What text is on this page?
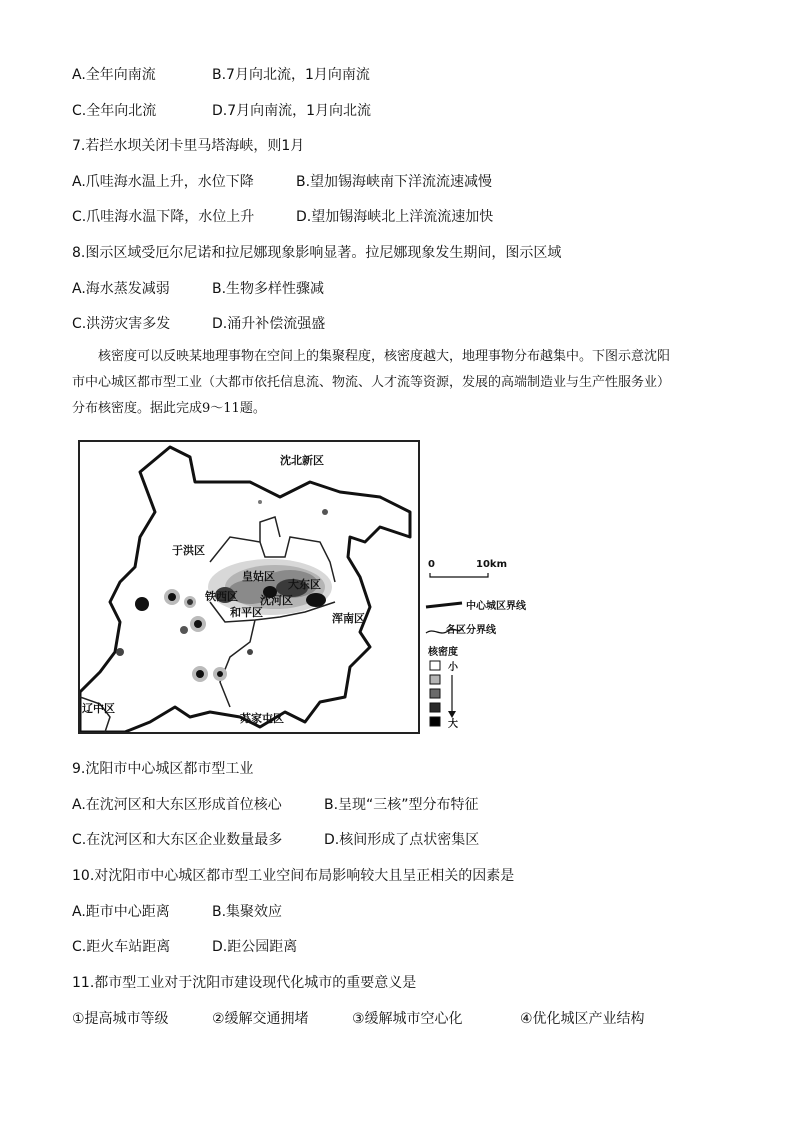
A.全年向南流	B.7月向北流，1月向南流
C.全年向北流	D.7月向南流，1月向北流
7.若拦水坝关闭卡里马塔海峡，则1月
A.爪哇海水温上升，水位下降	B.望加锡海峡南下洋流流速减慢
C.爪哇海水温下降，水位上升	D.望加锡海峡北上洋流流速加快
8.图示区域受厄尔尼诺和拉尼娜现象影响显著。拉尼娜现象发生期间，图示区域
A.海水蒸发减弱	B.生物多样性骤减
C.洪涝灾害多发	D.涌升补偿流强盛
核密度可以反映某地理事物在空间上的集聚程度，核密度越大，地理事物分布越集中。下图示意沈阳
市中心城区都市型工业（大都市依托信息流、物流、人才流等资源，发展的高端制造业与生产性服务业）
分布核密度。据此完成9～11题。
沈北新区
于洪区
皇姑区
大东区
铁西区 沈河区
和平区	浑南区
辽中区
苏家屯区
0	10km
中心城区界线
各区分界线
核密度
小
大
9.沈阳市中心城区都市型工业
A.在沈河区和大东区形成首位核心	B.呈现“三核”型分布特征
C.在沈河区和大东区企业数量最多	D.核间形成了点状密集区
10.对沈阳市中心城区都市型工业空间布局影响较大且呈正相关的因素是
A.距市中心距离	B.集聚效应
C.距火车站距离	D.距公园距离
11.都市型工业对于沈阳市建设现代化城市的重要意义是
①提高城市等级	②缓解交通拥堵	③缓解城市空心化	④优化城区产业结构
